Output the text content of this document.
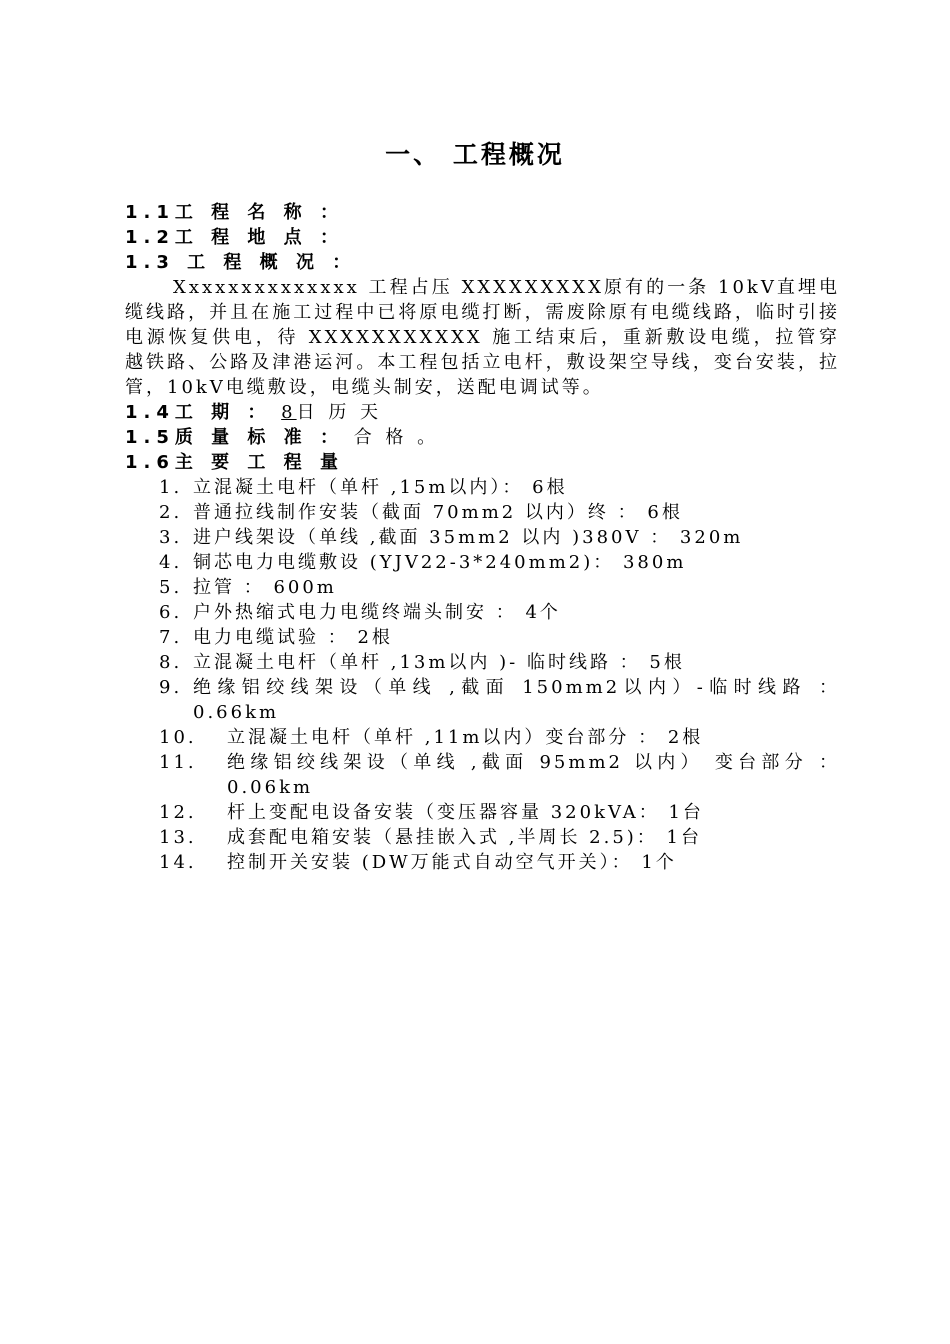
一、 工程概况
1.1工 程 名 称 ：
1.2工 程 地 点 ：
1.3 工 程 概 况 ：
Xxxxxxxxxxxxxx 工程占压 XXXXXXXXX原有的一条 10kV直埋电缆线路，并且在施工过程中已将原电缆打断，需废除原有电缆线路，临时引接电源恢复供电，待 XXXXXXXXXXX 施工结束后，重新敷设电缆，拉管穿越铁路、公路及津港运河。本工程包括立电杆，敷设架空导线，变台安装，拉管，10kV电缆敷设，电缆头制安，送配电调试等。
1.4工 期 ： 8日 历 天
1.5质 量 标 准 ： 合 格 。
1.6主 要 工 程 量
1. 立混凝土电杆（单杆 ,15m以内）： 6根
2. 普通拉线制作安装（截面 70mm2 以内）终 ： 6根
3. 进户线架设（单线 ,截面 35mm2 以内 )380V ： 320m
4. 铜芯电力电缆敷设 (YJV22-3*240mm2)： 380m
5. 拉管 ： 600m
6. 户外热缩式电力电缆终端头制安 ： 4个
7. 电力电缆试验 ： 2根
8. 立混凝土电杆（单杆 ,13m以内 )- 临时线路 ： 5根
9. 绝缘铝绞线架设（单线 ,截面 150mm2以内）-临时线路 ： 0.66km
10.	立混凝土电杆（单杆 ,11m以内）变台部分 ： 2根
11.	绝缘铝绞线架设（单线 ,截面 95mm2 以内） 变台部分 ： 0.06km
12.	杆上变配电设备安装（变压器容量 320kVA： 1台
13.	成套配电箱安装（悬挂嵌入式 ,半周长 2.5)： 1台
14.	控制开关安装 (DW万能式自动空气开关）： 1个
